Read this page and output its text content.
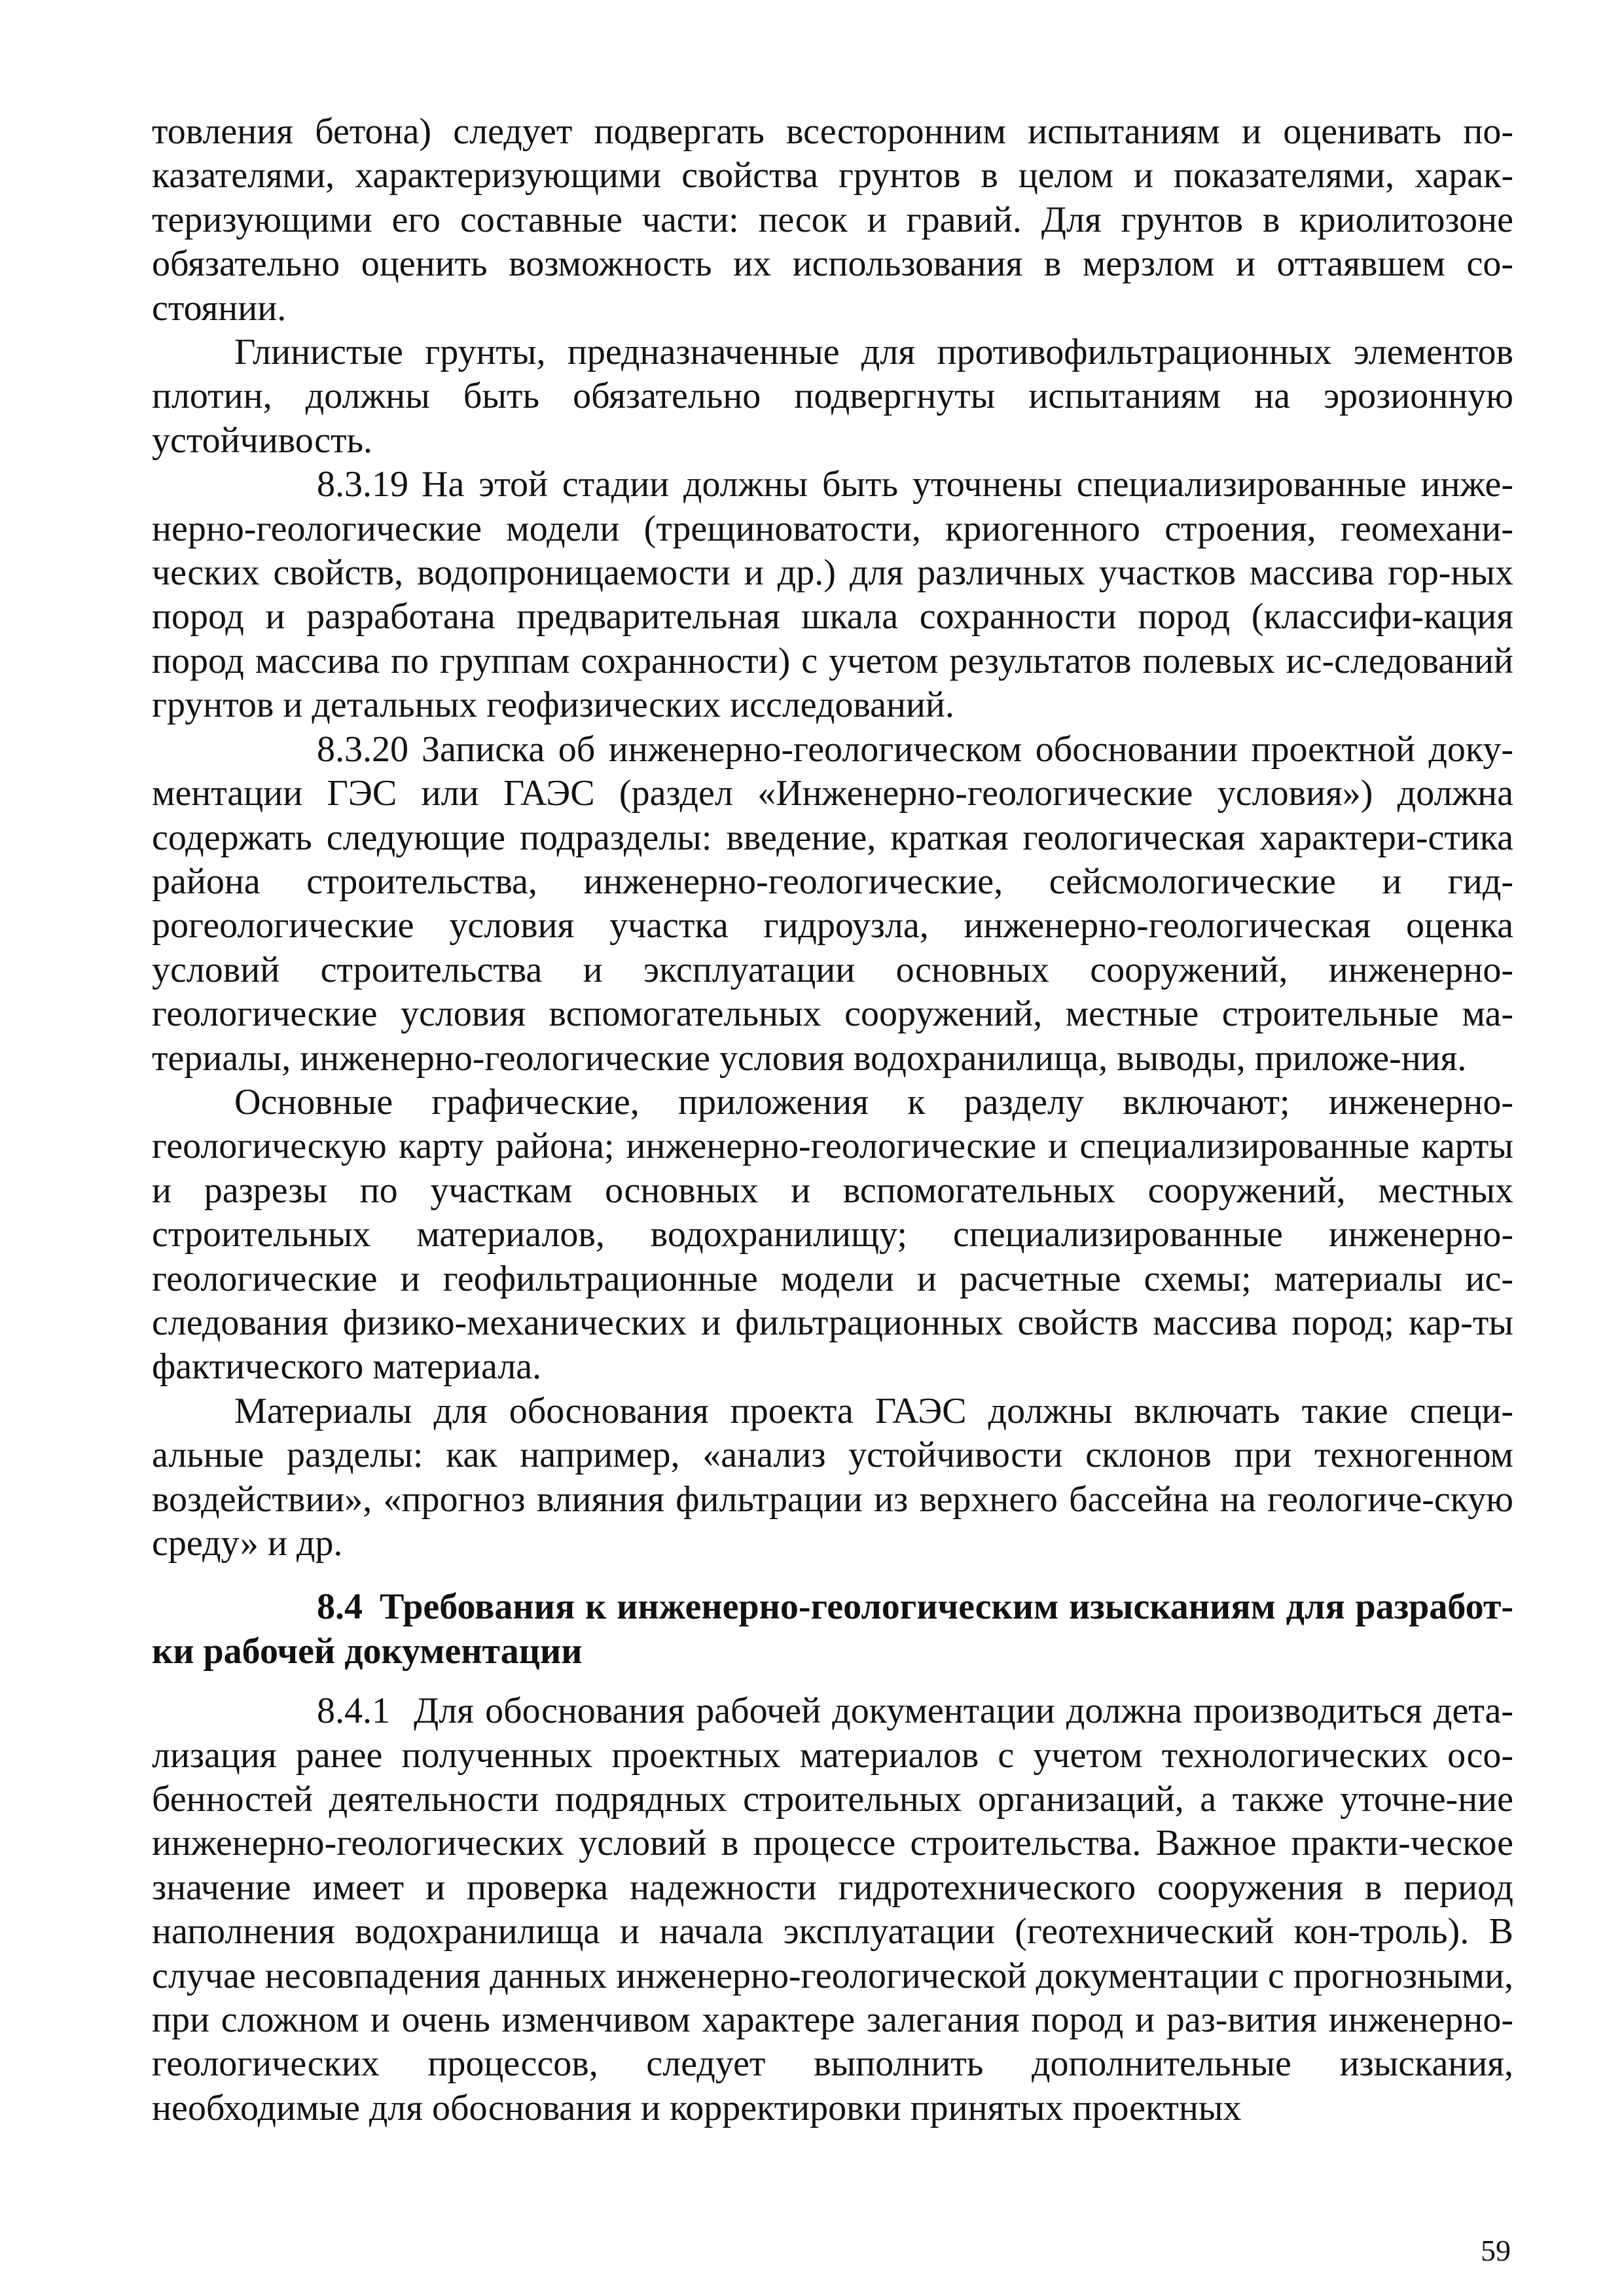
товления бетона) следует подвергать всесторонним испытаниям и оценивать по-казателями, характеризующими свойства грунтов в целом и показателями, харак-теризующими его составные части: песок и гравий. Для грунтов в криолитозоне обязательно оценить возможность их использования в мерзлом и оттаявшем со-стоянии.

Глинистые грунты, предназначенные для противофильтрационных элементов плотин, должны быть обязательно подвергнуты испытаниям на эрозионную устойчивость.

8.3.19 На этой стадии должны быть уточнены специализированные инже-нерно-геологические модели (трещиноватости, криогенного строения, геомехани-ческих свойств, водопроницаемости и др.) для различных участков массива гор-ных пород и разработана предварительная шкала сохранности пород (классифи-кация пород массива по группам сохранности) с учетом результатов полевых ис-следований грунтов и детальных геофизических исследований.

8.3.20 Записка об инженерно-геологическом обосновании проектной доку-ментации ГЭС или ГАЭС (раздел «Инженерно-геологические условия») должна содержать следующие подразделы: введение, краткая геологическая характери-стика района строительства, инженерно-геологические, сейсмологические и гид-рогеологические условия участка гидроузла, инженерно-геологическая оценка условий строительства и эксплуатации основных сооружений, инженерно-геологические условия вспомогательных сооружений, местные строительные ма-териалы, инженерно-геологические условия водохранилища, выводы, приложе-ния.

Основные графические, приложения к разделу включают; инженерно-геологическую карту района; инженерно-геологические и специализированные карты и разрезы по участкам основных и вспомогательных сооружений, местных строительных материалов, водохранилищу; специализированные инженерно-геологические и геофильтрационные модели и расчетные схемы; материалы ис-следования физико-механических и фильтрационных свойств массива пород; кар-ты фактического материала.

Материалы для обоснования проекта ГАЭС должны включать такие специ-альные разделы: как например, «анализ устойчивости склонов при техногенном воздействии», «прогноз влияния фильтрации из верхнего бассейна на геологиче-скую среду» и др.

8.4 Требования к инженерно-геологическим изысканиям для разработ-ки рабочей документации

8.4.1 Для обоснования рабочей документации должна производиться дета-лизация ранее полученных проектных материалов с учетом технологических осо-бенностей деятельности подрядных строительных организаций, а также уточне-ние инженерно-геологических условий в процессе строительства. Важное практи-ческое значение имеет и проверка надежности гидротехнического сооружения в период наполнения водохранилища и начала эксплуатации (геотехнический кон-троль). В случае несовпадения данных инженерно-геологической документации с прогнозными, при сложном и очень изменчивом характере залегания пород и раз-вития инженерно-геологических процессов, следует выполнить дополнительные изыскания, необходимые для обоснования и корректировки принятых проектных

59
